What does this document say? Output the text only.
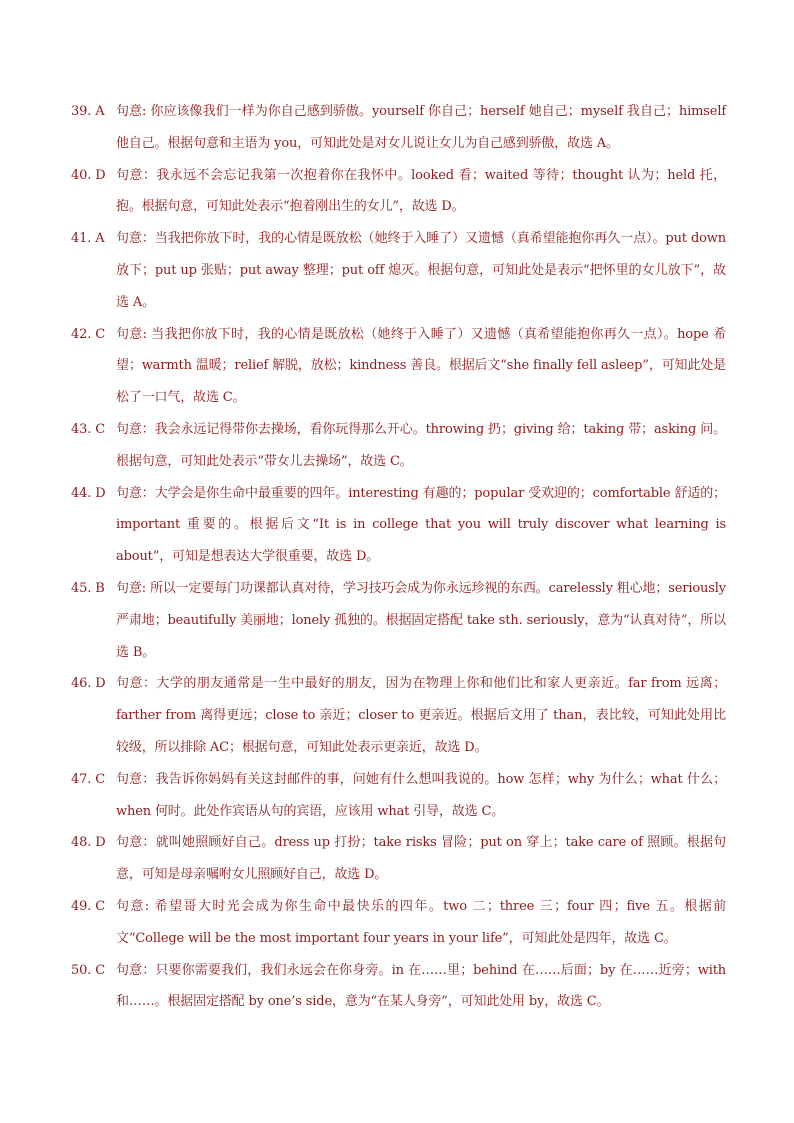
39. A 句意: 你应该像我们一样为你自己感到骄傲。yourself 你自己；herself 她自己；myself 我自己；himself 他自己。根据句意和主语为 you，可知此处是对女儿说让女儿为自己感到骄傲，故选 A。
40. D 句意：我永远不会忘记我第一次抱着你在我怀中。looked 看；waited 等待；thought 认为；held 托，抱。根据句意，可知此处表示“抱着刚出生的女儿”，故选 D。
41. A 句意：当我把你放下时，我的心情是既放松（她终于入睡了）又遗憾（真希望能抱你再久一点）。put down 放下；put up 张贴；put away 整理；put off 熄灭。根据句意，可知此处是表示“把怀里的女儿放下”，故选 A。
42. C 句意: 当我把你放下时，我的心情是既放松（她终于入睡了）又遗憾（真希望能抱你再久一点）。hope 希望；warmth 温暖；relief 解脱，放松；kindness 善良。根据后文“she finally fell asleep”，可知此处是松了一口气，故选 C。
43. C 句意：我会永远记得带你去操场，看你玩得那么开心。throwing 扔；giving 给；taking 带；asking 问。根据句意，可知此处表示“带女儿去操场”，故选 C。
44. D 句意：大学会是你生命中最重要的四年。interesting 有趣的；popular 受欢迎的；comfortable 舒适的；important 重要的。根据后文“It is in college that you will truly discover what learning is about”，可知是想表达大学很重要，故选 D。
45. B 句意: 所以一定要每门功课都认真对待，学习技巧会成为你永远珍视的东西。carelessly 粗心地；seriously 严肃地；beautifully 美丽地；lonely 孤独的。根据固定搭配 take sth. seriously，意为“认真对待”，所以选 B。
46. D 句意：大学的朋友通常是一生中最好的朋友，因为在物理上你和他们比和家人更亲近。far from 远离；farther from 离得更远；close to 亲近；closer to 更亲近。根据后文用了 than，表比较，可知此处用比较级，所以排除 AC；根据句意，可知此处表示更亲近，故选 D。
47. C 句意：我告诉你妈妈有关这封邮件的事，问她有什么想叫我说的。how 怎样；why 为什么；what 什么；when 何时。此处作宾语从句的宾语，应该用 what 引导，故选 C。
48. D 句意：就叫她照顾好自己。dress up 打扮；take risks 冒险；put on 穿上；take care of 照顾。根据句意，可知是母亲嘱咐女儿照顾好自己，故选 D。
49. C 句意: 希望哥大时光会成为你生命中最快乐的四年。two 二；three 三；four 四；five 五。根据前文“College will be the most important four years in your life”，可知此处是四年，故选 C。
50. C 句意：只要你需要我们，我们永远会在你身旁。in 在……里；behind 在……后面；by 在……近旁；with 和……。根据固定搭配 by one’s side，意为“在某人身旁”，可知此处用 by，故选 C。
